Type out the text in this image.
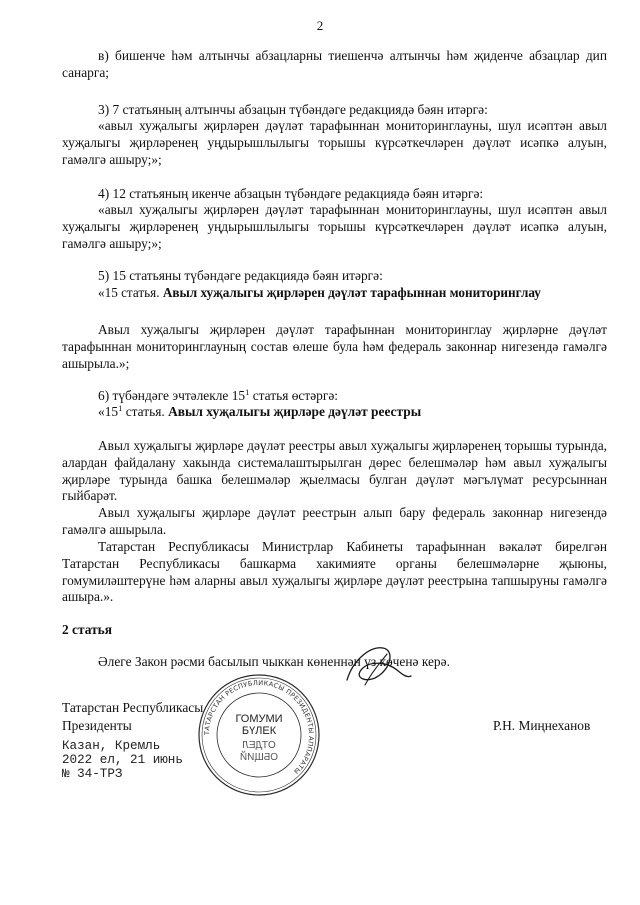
2

в) бишенче һәм алтынчы абзацларны тиешенчә алтынчы һәм җиденче абзацлар дип санарга;

3) 7 статьяның алтынчы абзацын түбәндәге редакциядә бәян итәргә:

«авыл хуҗалыгы җирләрен дәүләт тарафыннан мониторинглауны, шул исәптән авыл хуҗалыгы җирләренең уңдырышлылыгы торышы күрсәткечләрен дәүләт исәпкә алуын, гамәлгә ашыру;»;

4) 12 статьяның икенче абзацын түбәндәге редакциядә бәян итәргә:

«авыл хуҗалыгы җирләрен дәүләт тарафыннан мониторинглауны, шул исәптән авыл хуҗалыгы җирләренең уңдырышлылыгы торышы күрсәткечләрен дәүләт исәпкә алуын, гамәлгә ашыру;»;

5) 15 статьяны түбәндәге редакциядә бәян итәргә:

«15 статья. Авыл хуҗалыгы җирләрен дәүләт тарафыннан мониторинглау

Авыл хуҗалыгы җирләрен дәүләт тарафыннан мониторинглау җирләрне дәүләт тарафыннан мониторинглауның состав өлеше була һәм федераль законнар нигезендә гамәлгә ашырыла.»;

6) түбәндәге эчтәлекле $15^1$ статья өстәргә:

«$15^1$ статья. Авыл хуҗалыгы җирләре дәүләт реестры

Авыл хуҗалыгы җирләре дәүләт реестры авыл хуҗалыгы җирләренең торышы турында, алардан файдалану хакында системалаштырылган дөрес белешмәләр һәм авыл хуҗалыгы җирләре турында башка белешмәләр җыелмасы булган дәүләт мәгълүмат ресурсыннан гыйбарәт.

Авыл хуҗалыгы җирләре дәүләт реестрын алып бару федераль законнар нигезендә гамәлгә ашырыла.

Татарстан Республикасы Министрлар Кабинеты тарафыннан вәкаләт бирелгән Татарстан Республикасы башкарма хакимияте органы белешмәләрне җыюны, гомумиләштерүне һәм аларны авыл хуҗалыгы җирләре дәүләт реестрына тапшыруны гамәлгә ашыра.».

2 статья

Әлеге Закон рәсми басылып чыккан көненнән үз көченә керә.

Татарстан Республикасы
Президенты	Р.Н. Миңнеханов
Казан, Кремль
2022 ел, 21 июнь
№ 34-ТРЗ
ТАТАРСТАН РЕСПУБЛИКАСЫ ПРЕЗИДЕНТЫ АППАРАТЫ
ГОМУМИ
БҮЛЕК
ОТДЕЛ
ОБЩИЙ
